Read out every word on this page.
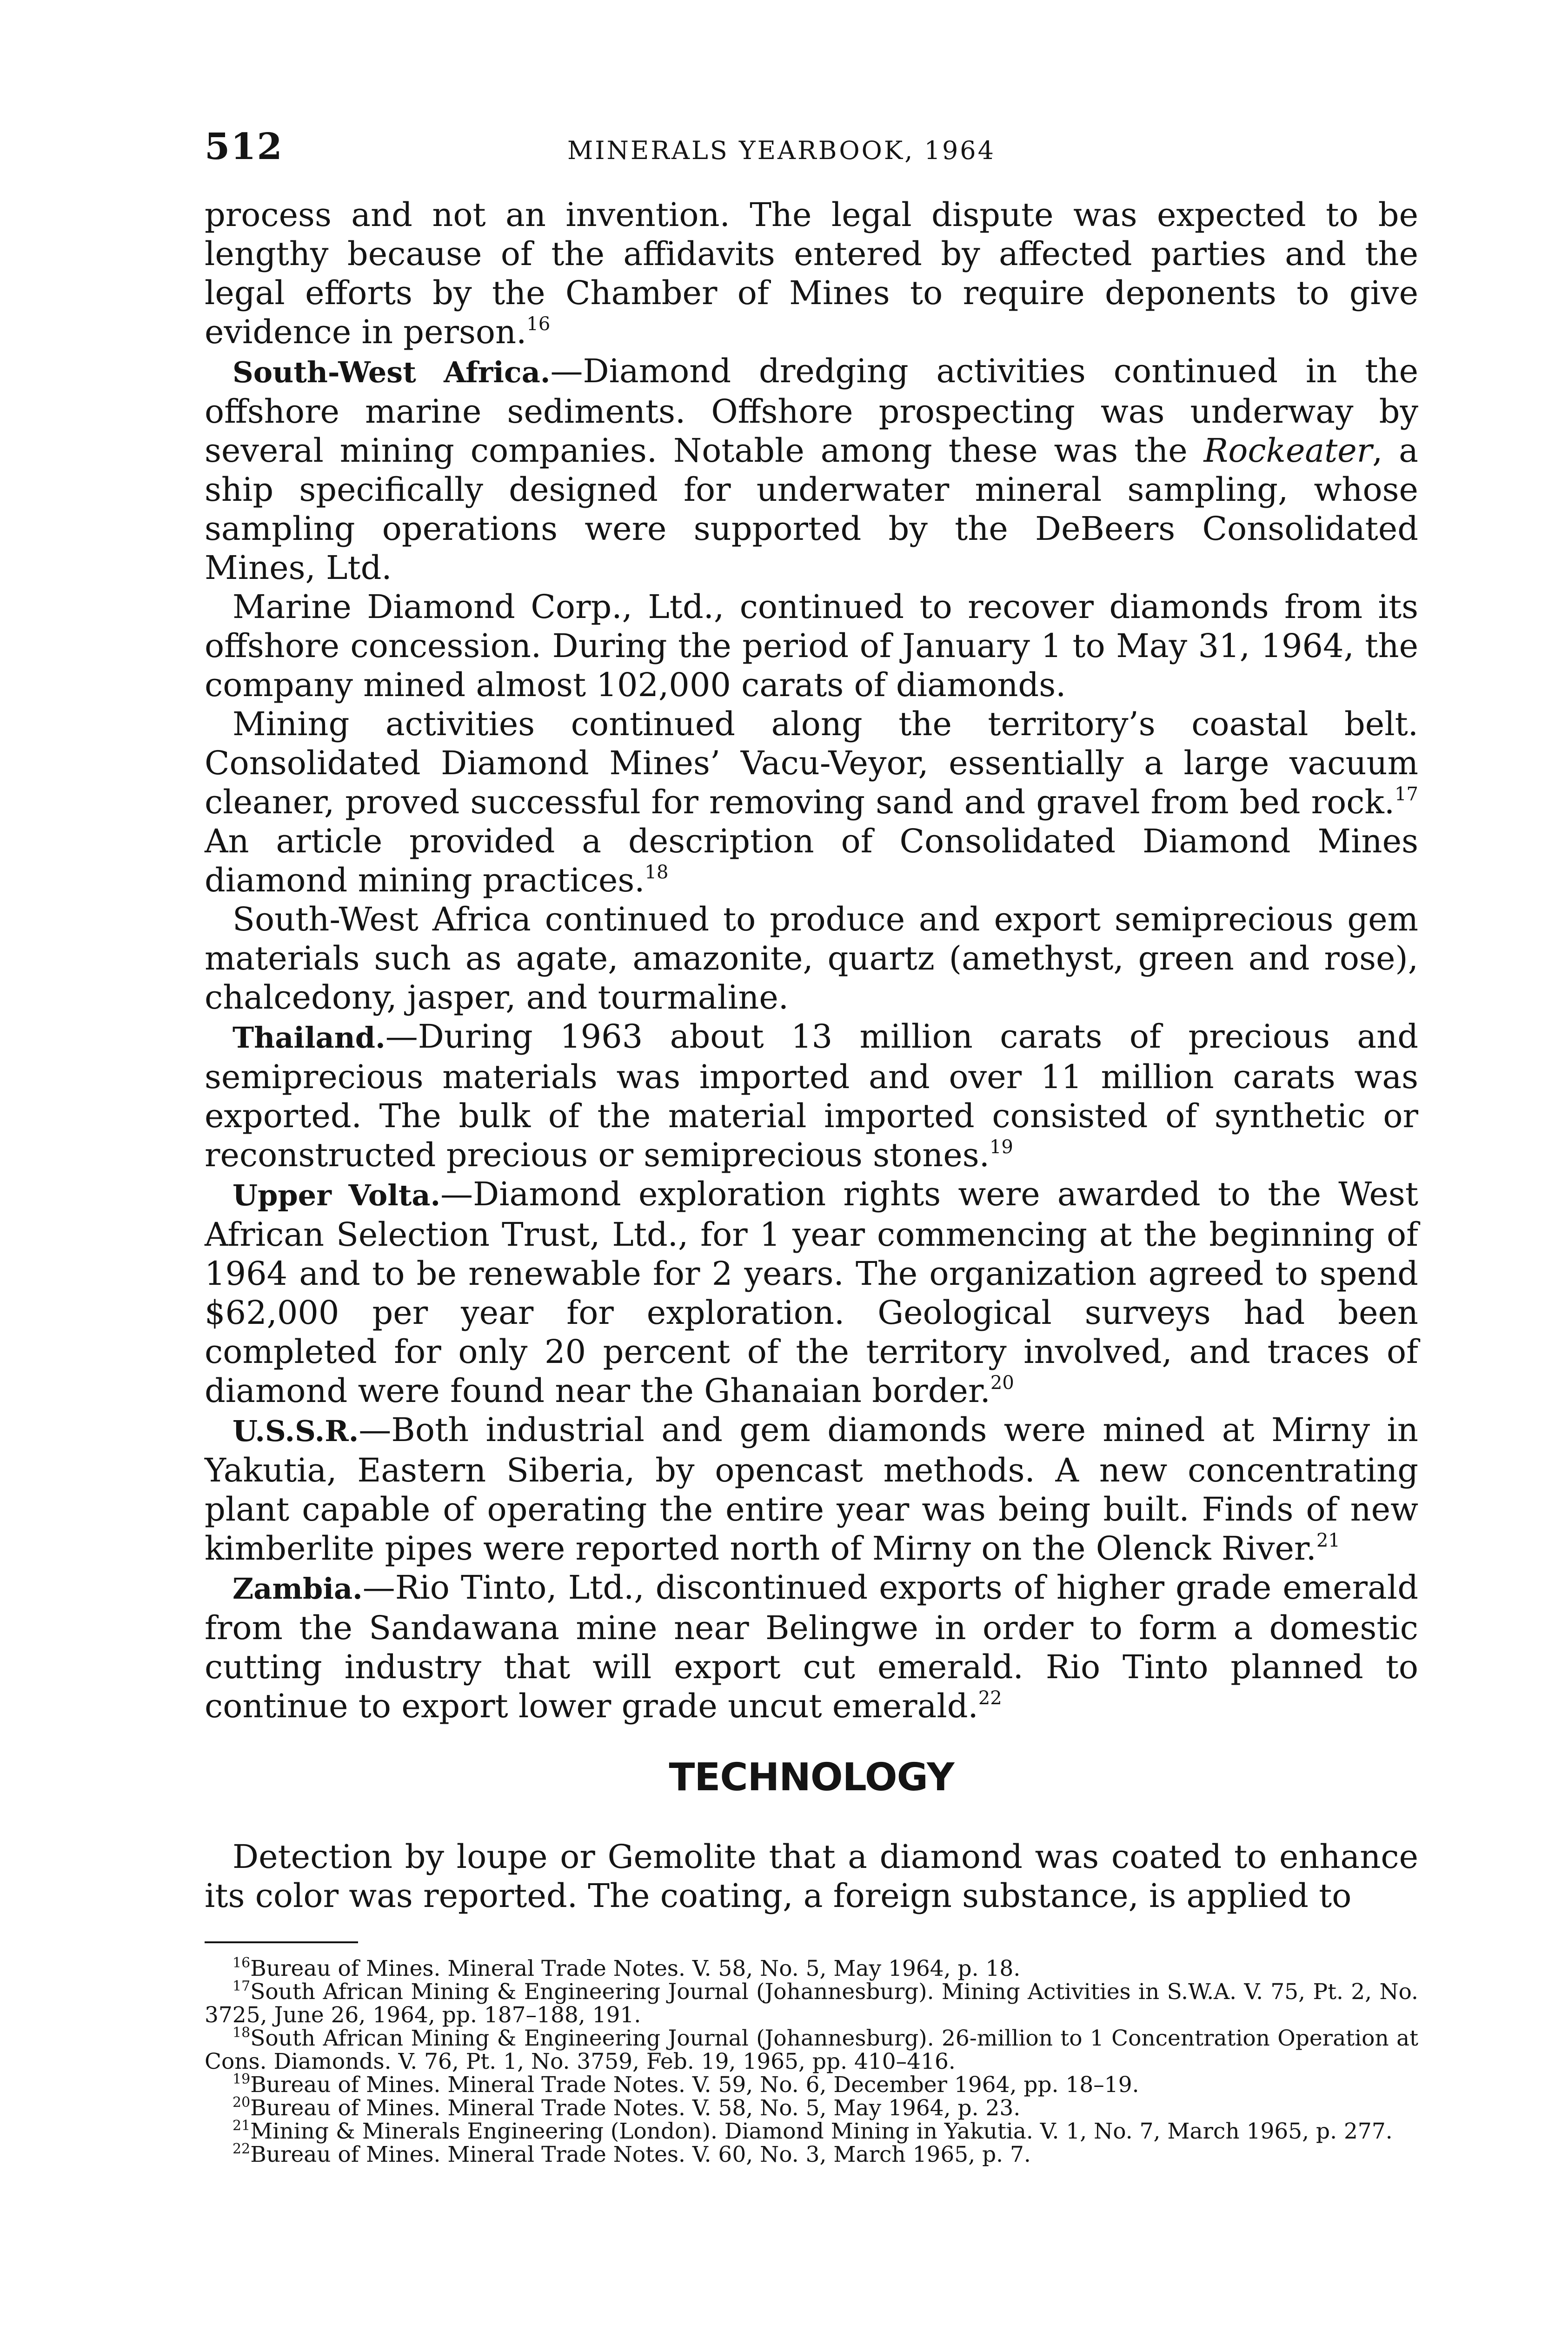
512	MINERALS YEARBOOK, 1964

process and not an invention. The legal dispute was expected to be lengthy because of the affidavits entered by affected parties and the legal efforts by the Chamber of Mines to require deponents to give evidence in person.$^{16}$

South-West Africa.—Diamond dredging activities continued in the offshore marine sediments. Offshore prospecting was underway by several mining companies. Notable among these was the Rockeater, a ship specifically designed for underwater mineral sampling, whose sampling operations were supported by the DeBeers Consolidated Mines, Ltd.

Marine Diamond Corp., Ltd., continued to recover diamonds from its offshore concession. During the period of January 1 to May 31, 1964, the company mined almost 102,000 carats of diamonds.

Mining activities continued along the territory’s coastal belt. Consolidated Diamond Mines’ Vacu-Veyor, essentially a large vacuum cleaner, proved successful for removing sand and gravel from bed rock.$^{17}$ An article provided a description of Consolidated Diamond Mines diamond mining practices.$^{18}$

South-West Africa continued to produce and export semiprecious gem materials such as agate, amazonite, quartz (amethyst, green and rose), chalcedony, jasper, and tourmaline.

Thailand.—During 1963 about 13 million carats of precious and semiprecious materials was imported and over 11 million carats was exported. The bulk of the material imported consisted of synthetic or reconstructed precious or semiprecious stones.$^{19}$

Upper Volta.—Diamond exploration rights were awarded to the West African Selection Trust, Ltd., for 1 year commencing at the beginning of 1964 and to be renewable for 2 years. The organization agreed to spend $62,000 per year for exploration. Geological surveys had been completed for only 20 percent of the territory involved, and traces of diamond were found near the Ghanaian border.$^{20}$

U.S.S.R.—Both industrial and gem diamonds were mined at Mirny in Yakutia, Eastern Siberia, by opencast methods. A new concentrating plant capable of operating the entire year was being built. Finds of new kimberlite pipes were reported north of Mirny on the Olenck River.$^{21}$

Zambia.—Rio Tinto, Ltd., discontinued exports of higher grade emerald from the Sandawana mine near Belingwe in order to form a domestic cutting industry that will export cut emerald. Rio Tinto planned to continue to export lower grade uncut emerald.$^{22}$

TECHNOLOGY

Detection by loupe or Gemolite that a diamond was coated to enhance its color was reported. The coating, a foreign substance, is applied to

$^{16}$Bureau of Mines. Mineral Trade Notes. V. 58, No. 5, May 1964, p. 18.

$^{17}$South African Mining & Engineering Journal (Johannesburg). Mining Activities in S.W.A. V. 75, Pt. 2, No. 3725, June 26, 1964, pp. 187–188, 191.

$^{18}$South African Mining & Engineering Journal (Johannesburg). 26-million to 1 Concentration Operation at Cons. Diamonds. V. 76, Pt. 1, No. 3759, Feb. 19, 1965, pp. 410–416.

$^{19}$Bureau of Mines. Mineral Trade Notes. V. 59, No. 6, December 1964, pp. 18–19.

$^{20}$Bureau of Mines. Mineral Trade Notes. V. 58, No. 5, May 1964, p. 23.

$^{21}$Mining & Minerals Engineering (London). Diamond Mining in Yakutia. V. 1, No. 7, March 1965, p. 277.

$^{22}$Bureau of Mines. Mineral Trade Notes. V. 60, No. 3, March 1965, p. 7.
